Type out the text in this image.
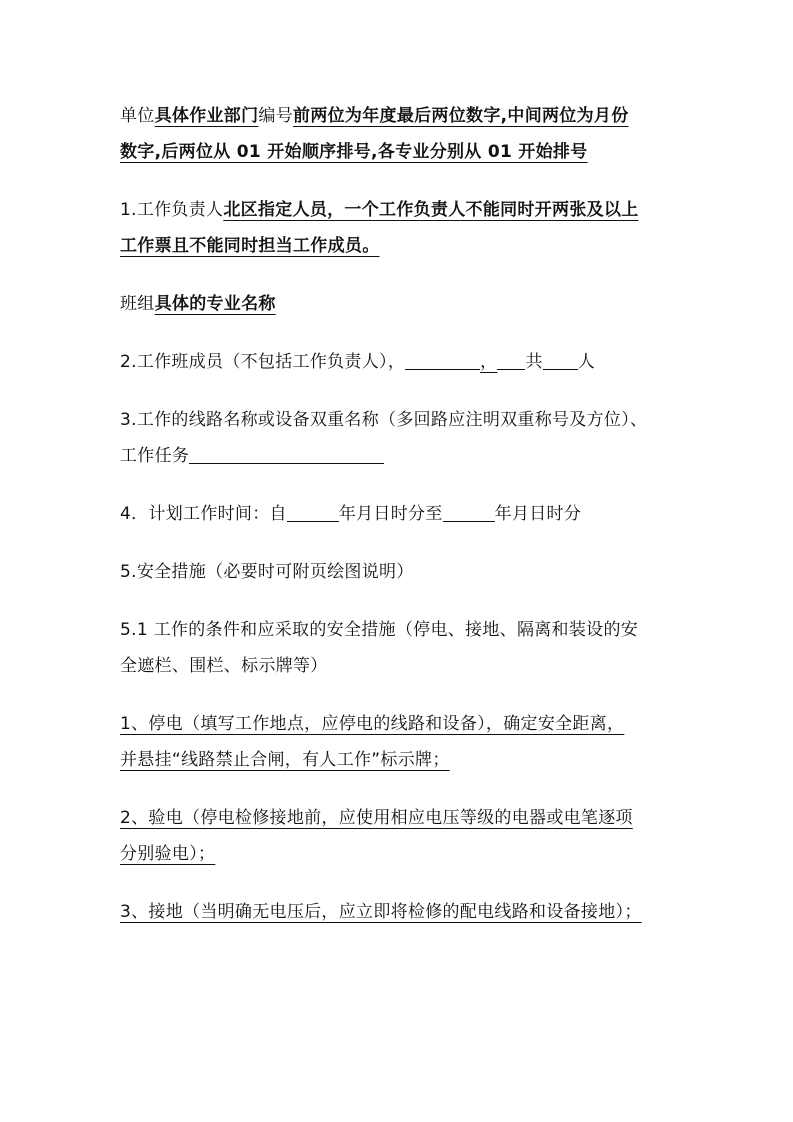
单位具体作业部门编号前两位为年度最后两位数字,中间两位为月份
数字,后两位从 01 开始顺序排号,各专业分别从 01 开始排号
1.工作负责人北区指定人员，一个工作负责人不能同时开两张及以上
工作票且不能同时担当工作成员。
班组具体的专业名称
2.工作班成员（不包括工作负责人），	， 共 人
3.工作的线路名称或设备双重名称（多回路应注明双重称号及方位）、
工作任务
4．计划工作时间：自	年月日时分至	年月日时分
5.安全措施（必要时可附页绘图说明）
5.1 工作的条件和应采取的安全措施（停电、接地、隔离和装设的安
全遮栏、围栏、标示牌等）
1、停电（填写工作地点，应停电的线路和设备），确定安全距离，
并悬挂“线路禁止合闸，有人工作”标示牌；
2、验电（停电检修接地前，应使用相应电压等级的电器或电笔逐项
分别验电）；
3、接地（当明确无电压后，应立即将检修的配电线路和设备接地）；
